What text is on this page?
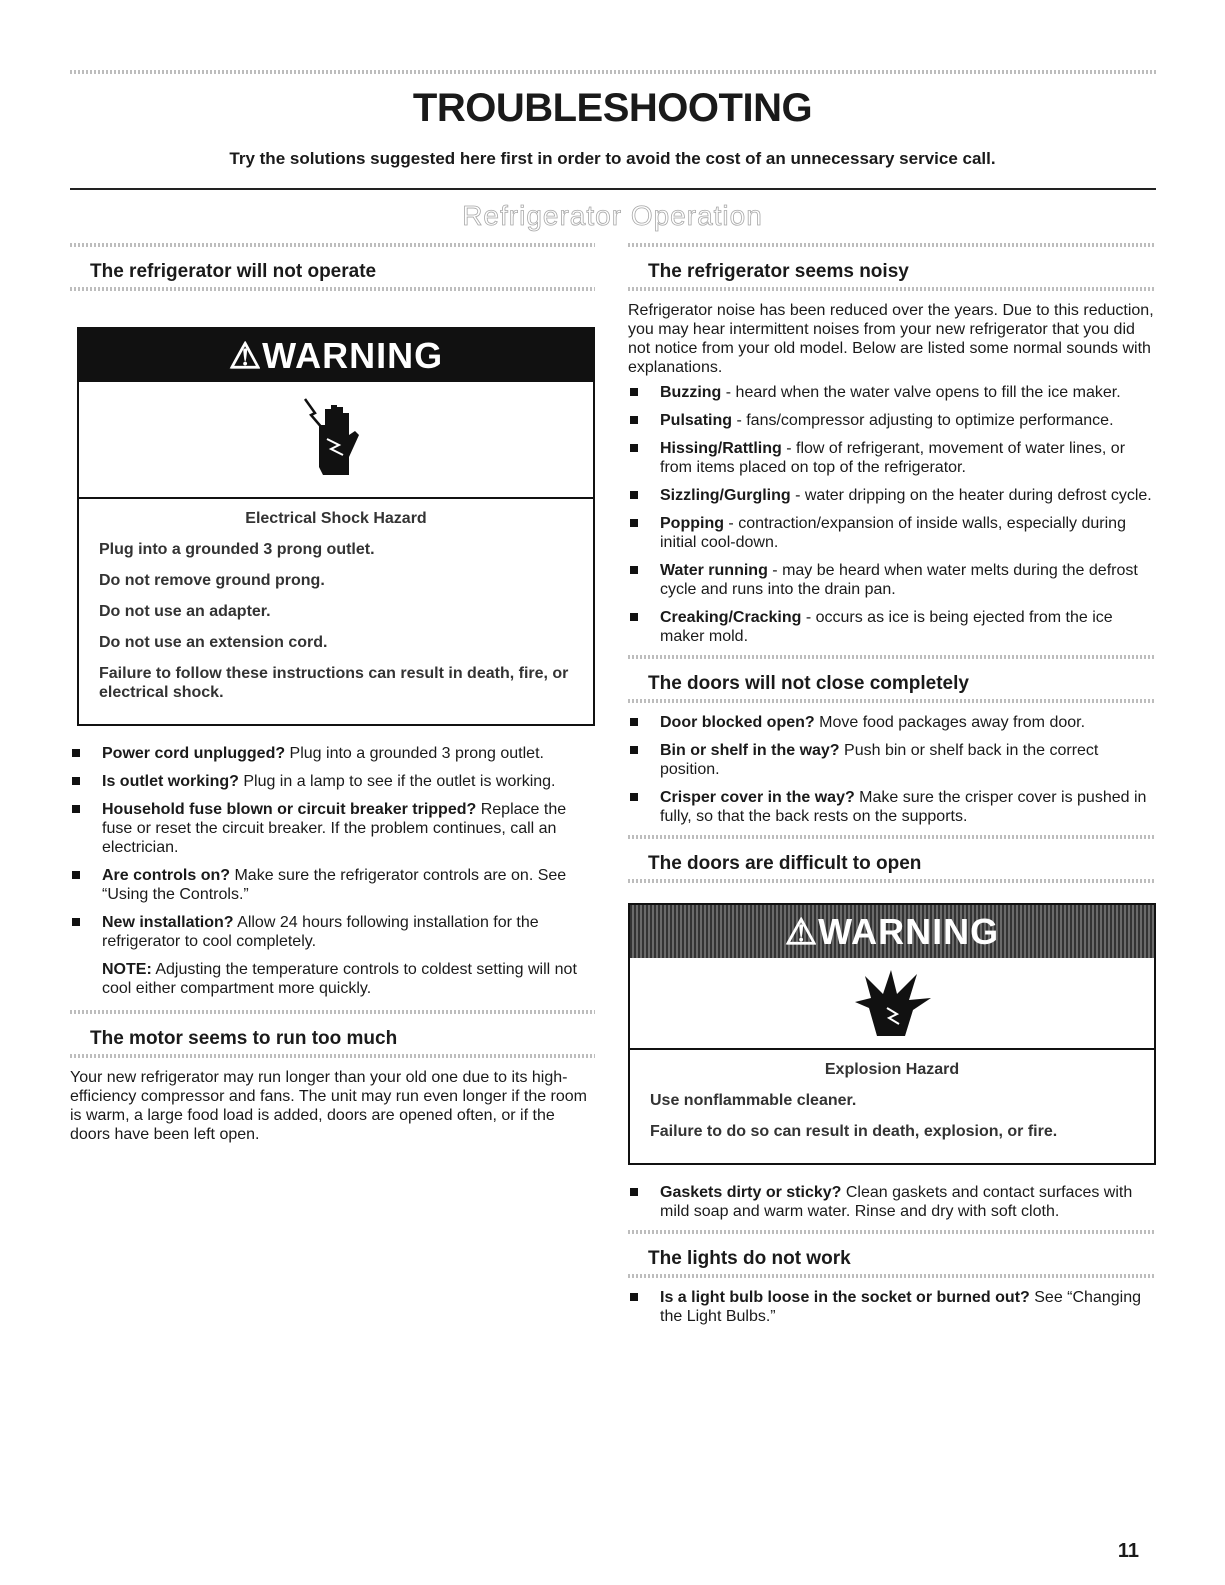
TROUBLESHOOTING
Try the solutions suggested here first in order to avoid the cost of an unnecessary service call.
Refrigerator Operation
The refrigerator will not operate
⚠WARNING
Electrical Shock Hazard
Plug into a grounded 3 prong outlet.
Do not remove ground prong.
Do not use an adapter.
Do not use an extension cord.
Failure to follow these instructions can result in death, fire, or electrical shock.
Power cord unplugged? Plug into a grounded 3 prong outlet.
Is outlet working? Plug in a lamp to see if the outlet is working.
Household fuse blown or circuit breaker tripped? Replace the fuse or reset the circuit breaker. If the problem continues, call an electrician.
Are controls on? Make sure the refrigerator controls are on. See “Using the Controls.”
New installation? Allow 24 hours following installation for the refrigerator to cool completely.
NOTE: Adjusting the temperature controls to coldest setting will not cool either compartment more quickly.
The motor seems to run too much

Your new refrigerator may run longer than your old one due to its high-efficiency compressor and fans. The unit may run even longer if the room is warm, a large food load is added, doors are opened often, or if the doors have been left open.

The refrigerator seems noisy

Refrigerator noise has been reduced over the years. Due to this reduction, you may hear intermittent noises from your new refrigerator that you did not notice from your old model. Below are listed some normal sounds with explanations.

Buzzing - heard when the water valve opens to fill the ice maker.
Pulsating - fans/compressor adjusting to optimize performance.
Hissing/Rattling - flow of refrigerant, movement of water lines, or from items placed on top of the refrigerator.
Sizzling/Gurgling - water dripping on the heater during defrost cycle.
Popping - contraction/expansion of inside walls, especially during initial cool-down.
Water running - may be heard when water melts during the defrost cycle and runs into the drain pan.
Creaking/Cracking - occurs as ice is being ejected from the ice maker mold.
The doors will not close completely
Door blocked open? Move food packages away from door.
Bin or shelf in the way? Push bin or shelf back in the correct position.
Crisper cover in the way? Make sure the crisper cover is pushed in fully, so that the back rests on the supports.
The doors are difficult to open
⚠WARNING
Explosion Hazard
Use nonflammable cleaner.
Failure to do so can result in death, explosion, or fire.
Gaskets dirty or sticky? Clean gaskets and contact surfaces with mild soap and warm water. Rinse and dry with soft cloth.
The lights do not work
Is a light bulb loose in the socket or burned out? See “Changing the Light Bulbs.”
11
